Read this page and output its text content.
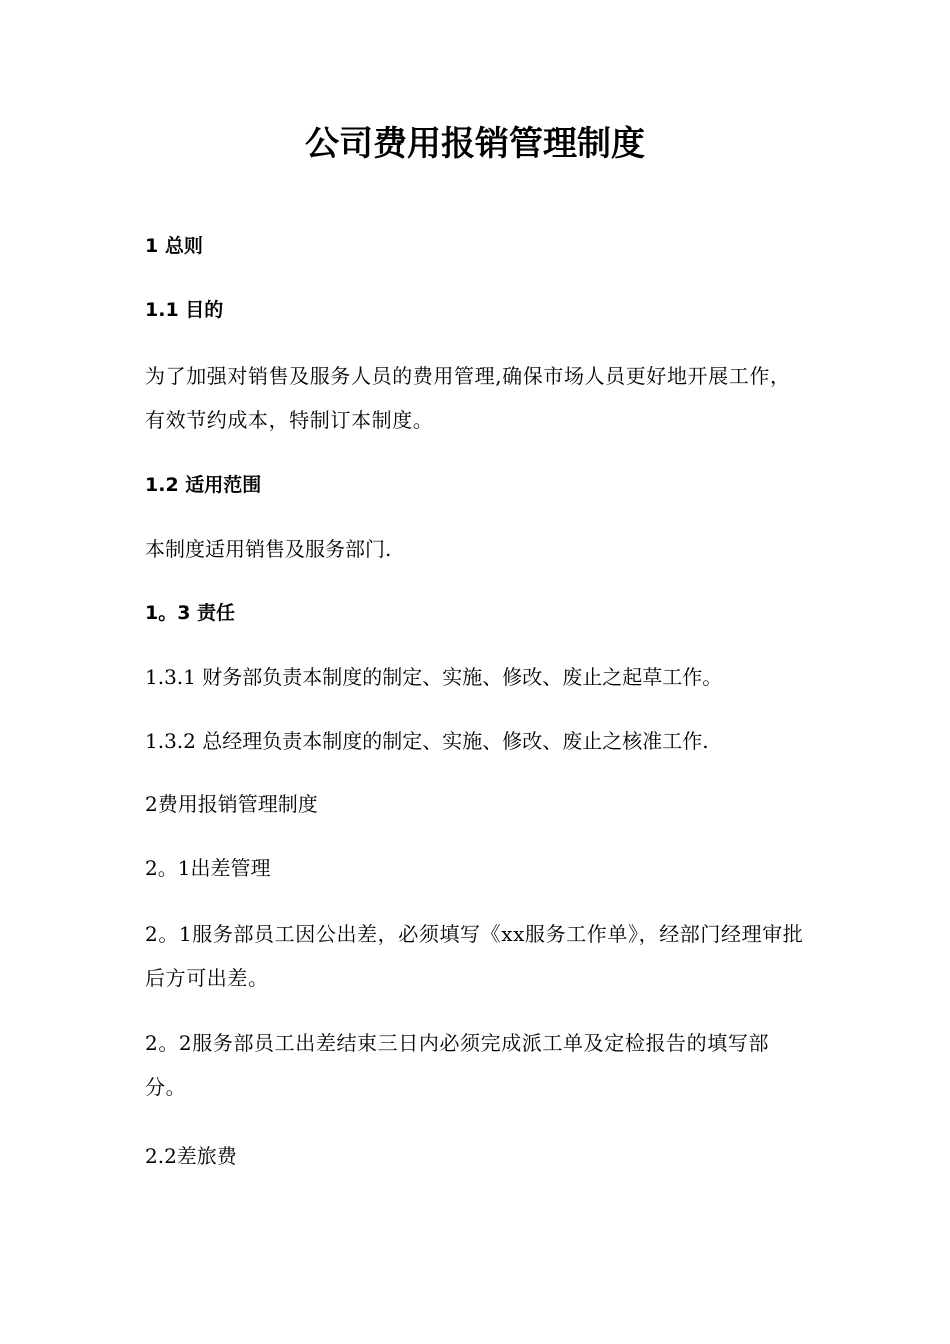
公司费用报销管理制度

1 总则

1.1 目的

为了加强对销售及服务人员的费用管理,确保市场人员更好地开展工作，有效节约成本，特制订本制度。

1.2 适用范围

本制度适用销售及服务部门.

1。3 责任

1.3.1 财务部负责本制度的制定、实施、修改、废止之起草工作。

1.3.2 总经理负责本制度的制定、实施、修改、废止之核准工作.

2费用报销管理制度

2。1出差管理

2。1服务部员工因公出差，必须填写《xx服务工作单》，经部门经理审批后方可出差。

2。2服务部员工出差结束三日内必须完成派工单及定检报告的填写部分。

2.2差旅费
